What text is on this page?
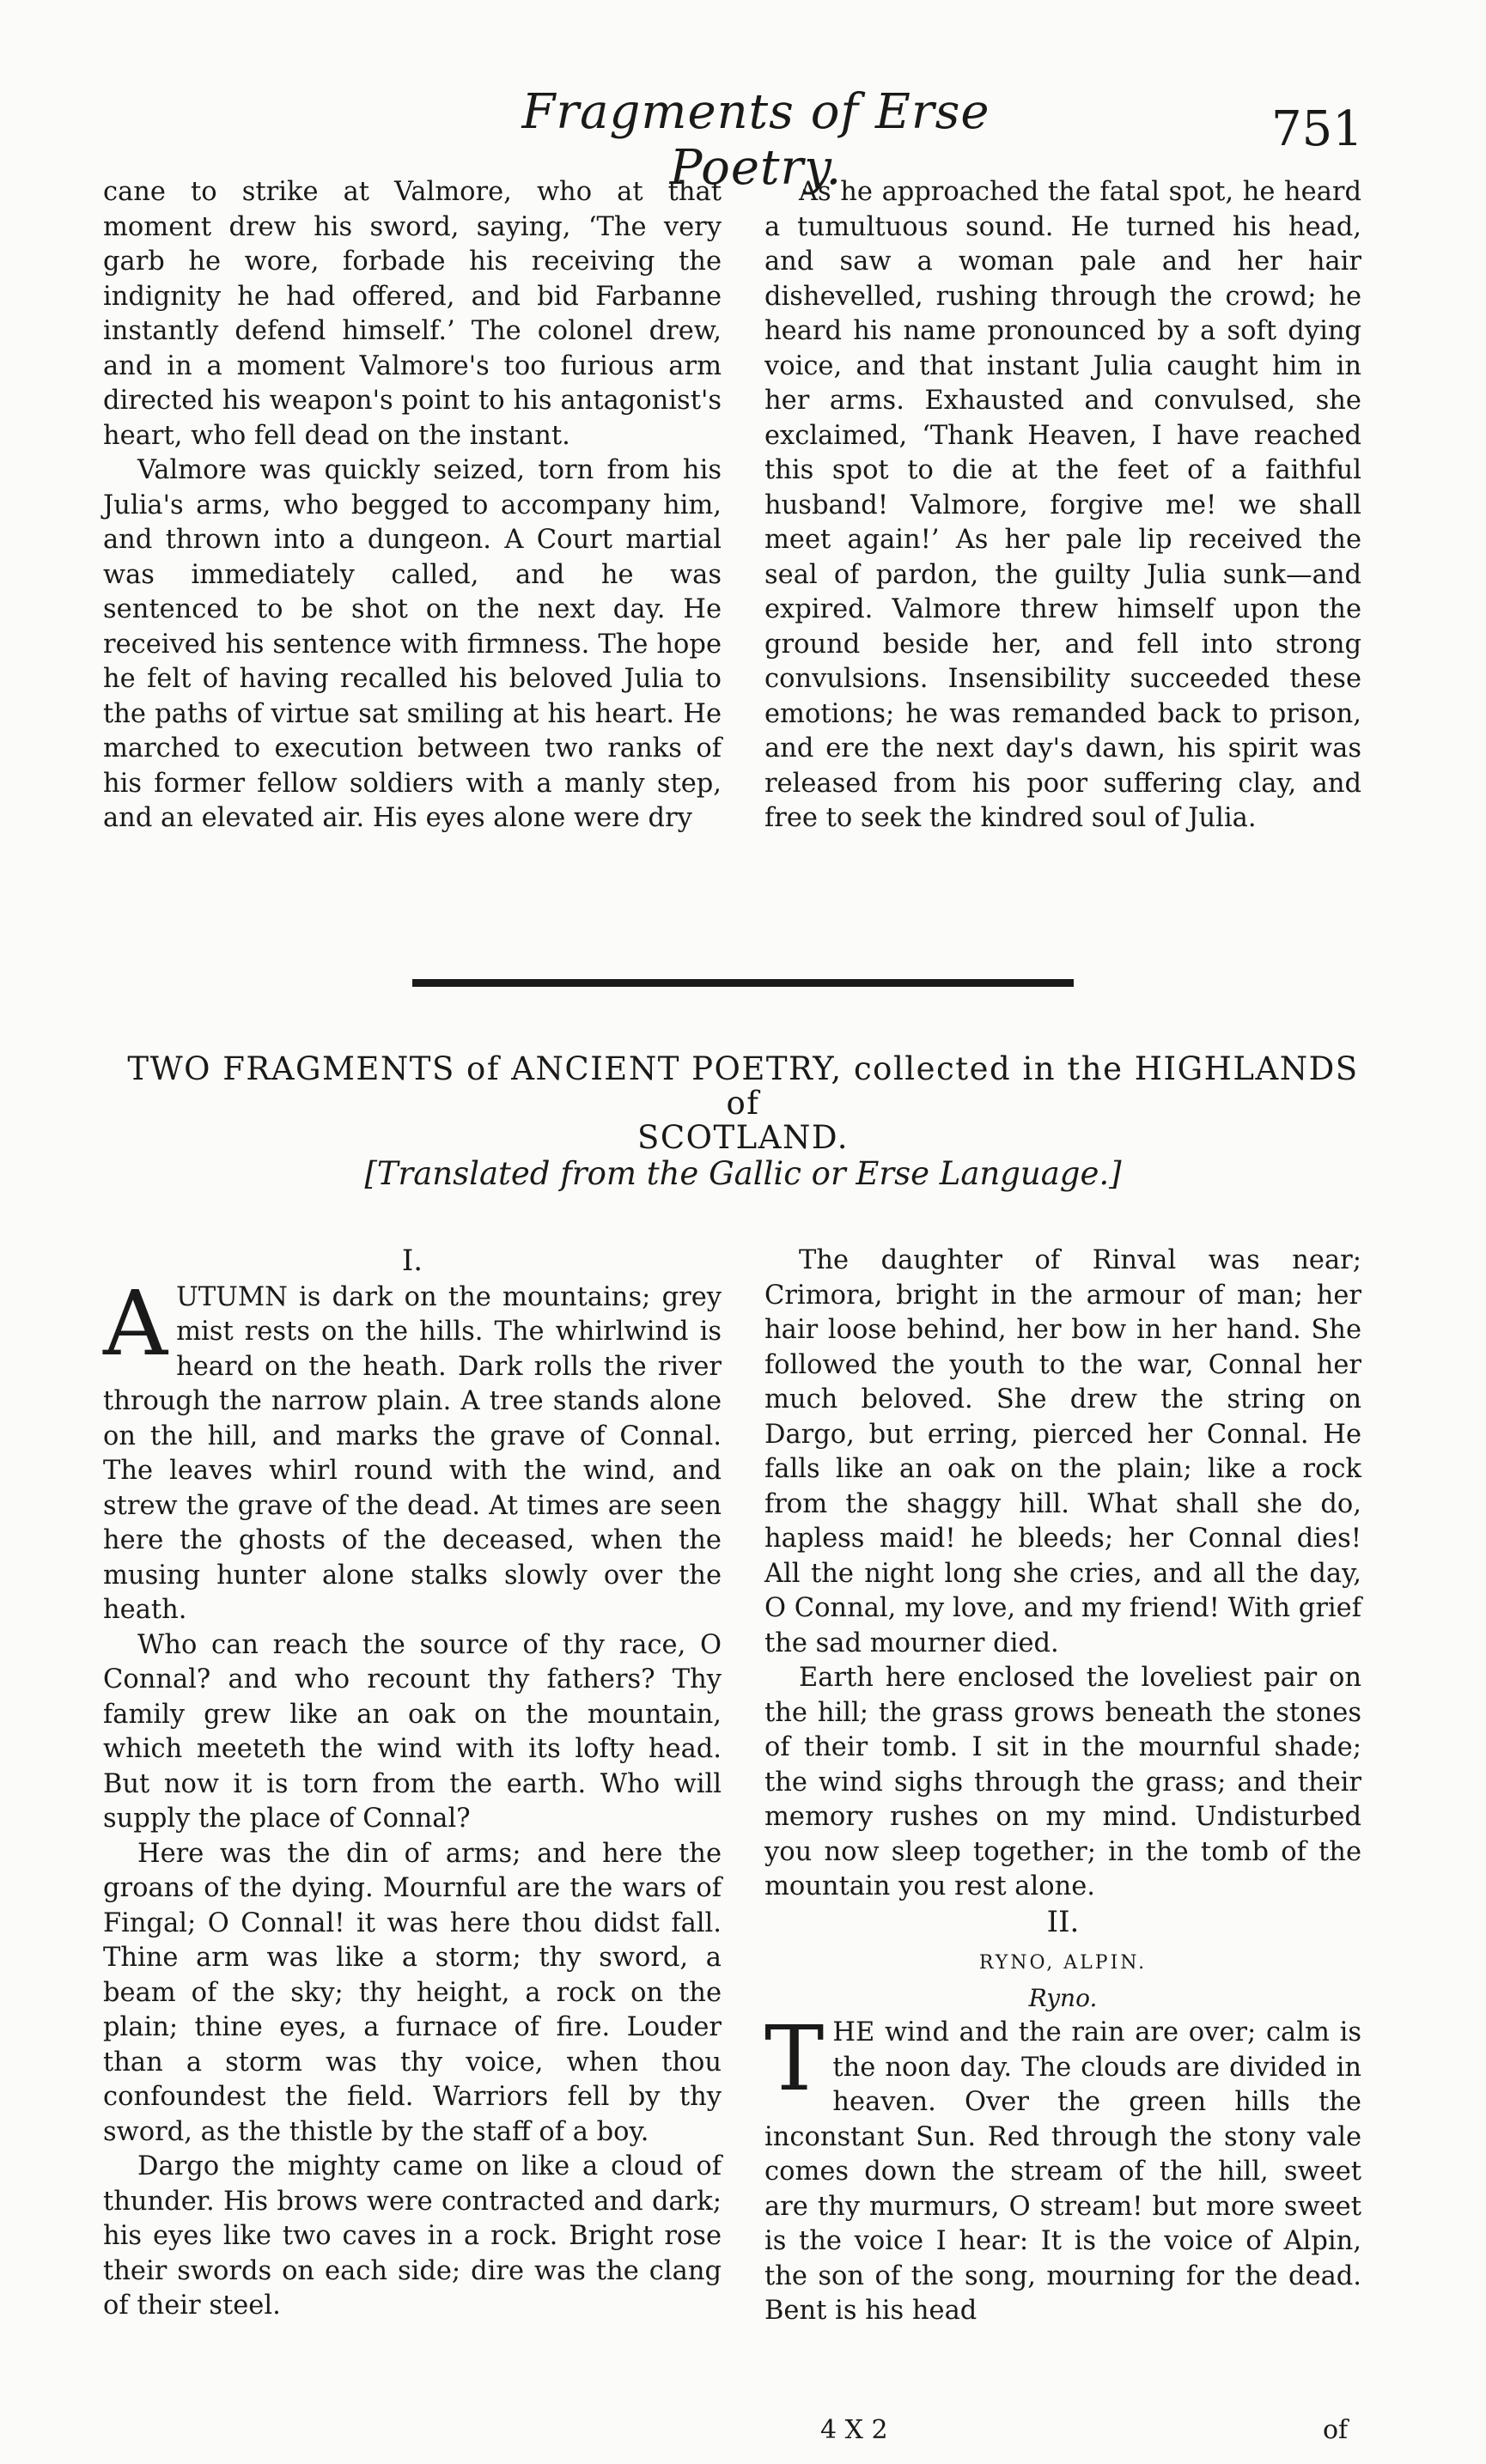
Fragments of Erse Poetry.
751

cane to strike at Valmore, who at that moment drew his sword, saying, ‘The very garb he wore, forbade his receiving the indignity he had offered, and bid Farbanne instantly defend himself.’ The colonel drew, and in a moment Valmore's too furious arm directed his weapon's point to his antagonist's heart, who fell dead on the instant.

Valmore was quickly seized, torn from his Julia's arms, who begged to accompany him, and thrown into a dungeon. A Court martial was immediately called, and he was sentenced to be shot on the next day. He received his sentence with firmness. The hope he felt of having recalled his beloved Julia to the paths of virtue sat smiling at his heart. He marched to execution between two ranks of his former fellow soldiers with a manly step, and an elevated air. His eyes alone were dry

As he approached the fatal spot, he heard a tumultuous sound. He turned his head, and saw a woman pale and her hair dishevelled, rushing through the crowd; he heard his name pronounced by a soft dying voice, and that instant Julia caught him in her arms. Exhausted and convulsed, she exclaimed, ‘Thank Heaven, I have reached this spot to die at the feet of a faithful husband! Valmore, forgive me! we shall meet again!’ As her pale lip received the seal of pardon, the guilty Julia sunk—and expired. Valmore threw himself upon the ground beside her, and fell into strong convulsions. Insensibility succeeded these emotions; he was remanded back to prison, and ere the next day's dawn, his spirit was released from his poor suffering clay, and free to seek the kindred soul of Julia.

TWO FRAGMENTS of ANCIENT POETRY, collected in the HIGHLANDS of
SCOTLAND.
[Translated from the Gallic or Erse Language.]
I.

AUTUMN is dark on the mountains; grey mist rests on the hills. The whirlwind is heard on the heath. Dark rolls the river through the narrow plain. A tree stands alone on the hill, and marks the grave of Connal. The leaves whirl round with the wind, and strew the grave of the dead. At times are seen here the ghosts of the deceased, when the musing hunter alone stalks slowly over the heath.

Who can reach the source of thy race, O Connal? and who recount thy fathers? Thy family grew like an oak on the mountain, which meeteth the wind with its lofty head. But now it is torn from the earth. Who will supply the place of Connal?

Here was the din of arms; and here the groans of the dying. Mournful are the wars of Fingal; O Connal! it was here thou didst fall. Thine arm was like a storm; thy sword, a beam of the sky; thy height, a rock on the plain; thine eyes, a furnace of fire. Louder than a storm was thy voice, when thou confoundest the field. Warriors fell by thy sword, as the thistle by the staff of a boy.

Dargo the mighty came on like a cloud of thunder. His brows were contracted and dark; his eyes like two caves in a rock. Bright rose their swords on each side; dire was the clang of their steel.

The daughter of Rinval was near; Crimora, bright in the armour of man; her hair loose behind, her bow in her hand. She followed the youth to the war, Connal her much beloved. She drew the string on Dargo, but erring, pierced her Connal. He falls like an oak on the plain; like a rock from the shaggy hill. What shall she do, hapless maid! he bleeds; her Connal dies! All the night long she cries, and all the day, O Connal, my love, and my friend! With grief the sad mourner died.

Earth here enclosed the loveliest pair on the hill; the grass grows beneath the stones of their tomb. I sit in the mournful shade; the wind sighs through the grass; and their memory rushes on my mind. Undisturbed you now sleep together; in the tomb of the mountain you rest alone.

II.
RYNO, ALPIN.
Ryno.

THE wind and the rain are over; calm is the noon day. The clouds are divided in heaven. Over the green hills the inconstant Sun. Red through the stony vale comes down the stream of the hill, sweet are thy murmurs, O stream! but more sweet is the voice I hear: It is the voice of Alpin, the son of the song, mourning for the dead. Bent is his head

4 X 2	of
